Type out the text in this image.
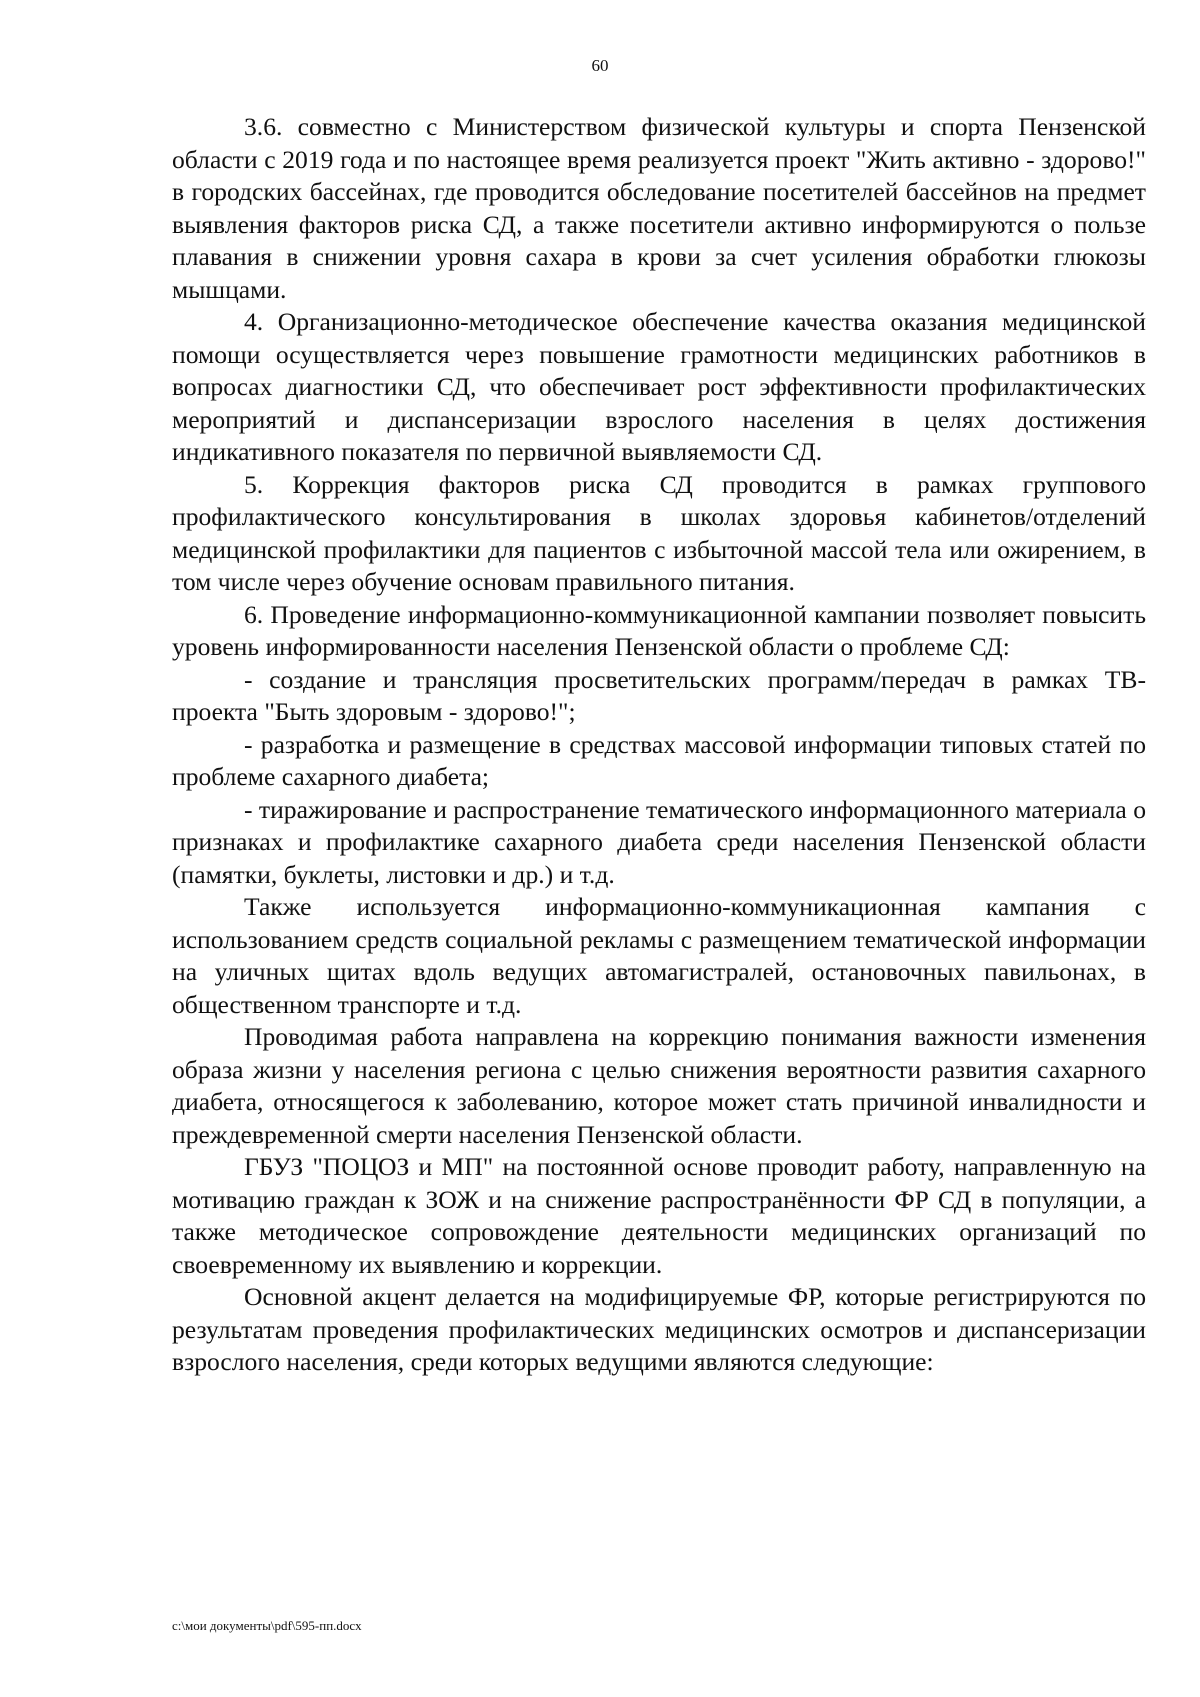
60

3.6. совместно с Министерством физической культуры и спорта Пензенской области с 2019 года и по настоящее время реализуется проект "Жить активно - здорово!" в городских бассейнах, где проводится обследование посетителей бассейнов на предмет выявления факторов риска СД, а также посетители активно информируются о пользе плавания в снижении уровня сахара в крови за счет усиления обработки глюкозы мышцами.

4. Организационно-методическое обеспечение качества оказания медицинской помощи осуществляется через повышение грамотности медицинских работников в вопросах диагностики СД, что обеспечивает рост эффективности профилактических мероприятий и диспансеризации взрослого населения в целях достижения индикативного показателя по первичной выявляемости СД.

5. Коррекция факторов риска СД проводится в рамках группового профилактического консультирования в школах здоровья кабинетов/отделений медицинской профилактики для пациентов с избыточной массой тела или ожирением, в том числе через обучение основам правильного питания.

6. Проведение информационно-коммуникационной кампании позволяет повысить уровень информированности населения Пензенской области о проблеме СД:

- создание и трансляция просветительских программ/передач в рамках ТВ-проекта "Быть здоровым - здорово!";

- разработка и размещение в средствах массовой информации типовых статей по проблеме сахарного диабета;

- тиражирование и распространение тематического информационного материала о признаках и профилактике сахарного диабета среди населения Пензенской области (памятки, буклеты, листовки и др.) и т.д.

Также используется информационно-коммуникационная кампания с использованием средств социальной рекламы с размещением тематической информации на уличных щитах вдоль ведущих автомагистралей, остановочных павильонах, в общественном транспорте и т.д.

Проводимая работа направлена на коррекцию понимания важности изменения образа жизни у населения региона с целью снижения вероятности развития сахарного диабета, относящегося к заболеванию, которое может стать причиной инвалидности и преждевременной смерти населения Пензенской области.

ГБУЗ "ПОЦОЗ и МП" на постоянной основе проводит работу, направленную на мотивацию граждан к ЗОЖ и на снижение распространённости ФР СД в популяции, а также методическое сопровождение деятельности медицинских организаций по своевременному их выявлению и коррекции.

Основной акцент делается на модифицируемые ФР, которые регистрируются по результатам проведения профилактических медицинских осмотров и диспансеризации взрослого населения, среди которых ведущими являются следующие:

c:\мои документы\pdf\595-пп.docx
